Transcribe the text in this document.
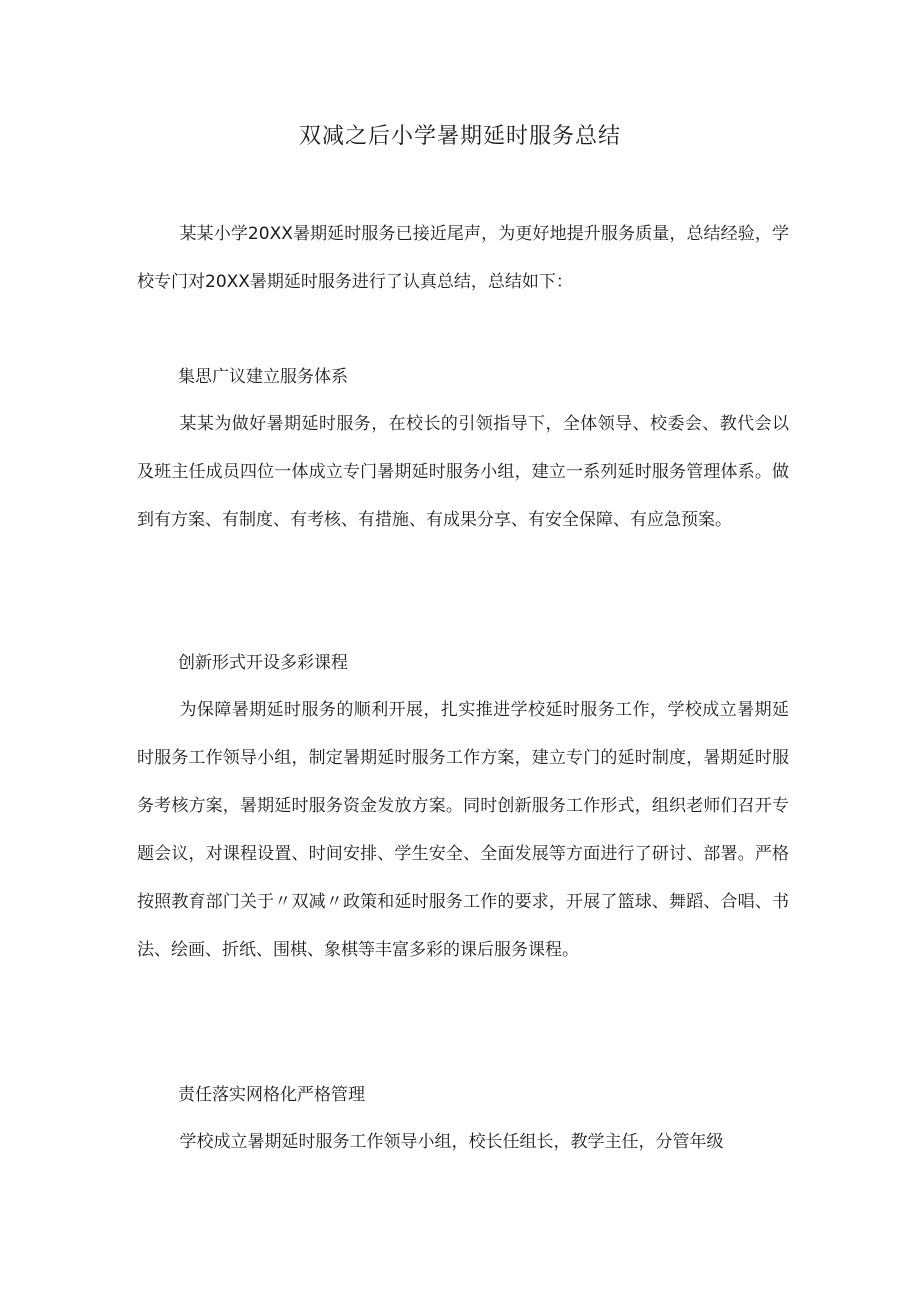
双减之后小学暑期延时服务总结

某某小学20XX暑期延时服务已接近尾声，为更好地提升服务质量，总结经验，学校专门对20XX暑期延时服务进行了认真总结，总结如下：

集思广议建立服务体系

某某为做好暑期延时服务，在校长的引领指导下，全体领导、校委会、教代会以及班主任成员四位一体成立专门暑期延时服务小组，建立一系列延时服务管理体系。做到有方案、有制度、有考核、有措施、有成果分享、有安全保障、有应急预案。

创新形式开设多彩课程

为保障暑期延时服务的顺利开展，扎实推进学校延时服务工作，学校成立暑期延时服务工作领导小组，制定暑期延时服务工作方案，建立专门的延时制度，暑期延时服务考核方案，暑期延时服务资金发放方案。同时创新服务工作形式，组织老师们召开专题会议，对课程设置、时间安排、学生安全、全面发展等方面进行了研讨、部署。严格按照教育部门关于〃双减〃政策和延时服务工作的要求，开展了篮球、舞蹈、合唱、书法、绘画、折纸、围棋、象棋等丰富多彩的课后服务课程。

责任落实网格化严格管理

学校成立暑期延时服务工作领导小组，校长任组长，教学主任，分管年级
